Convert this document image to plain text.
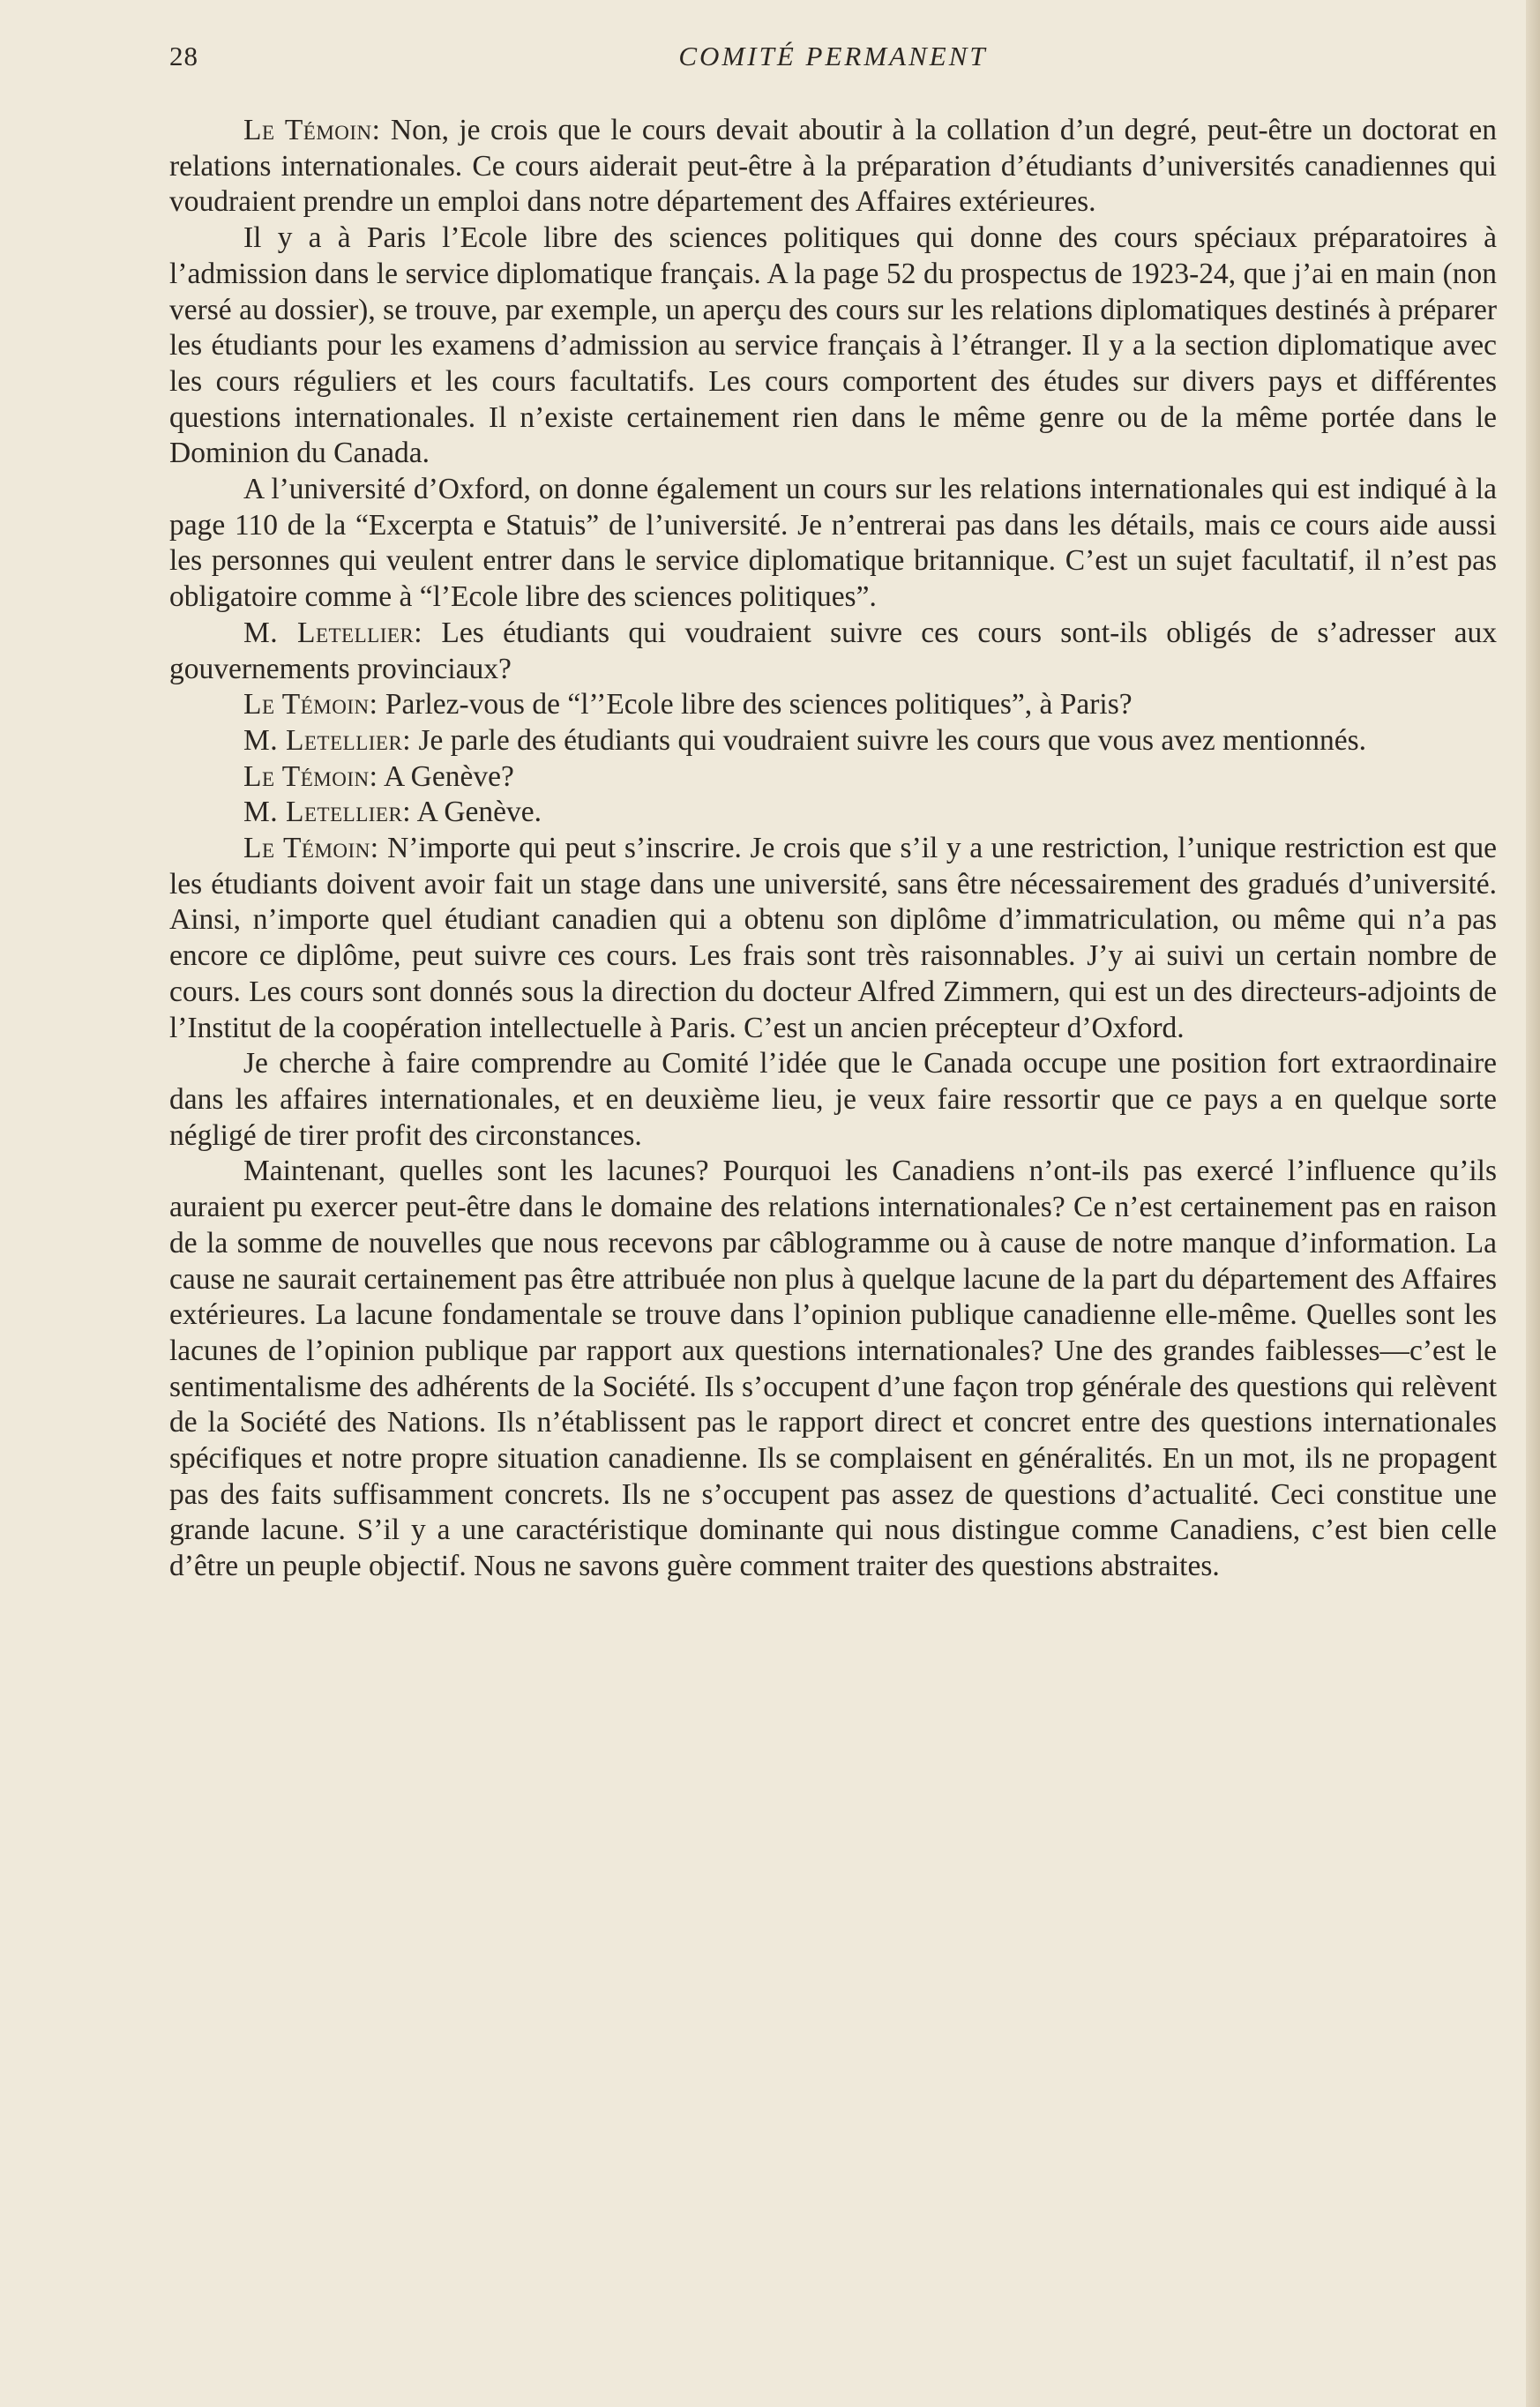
28	COMITÉ PERMANENT

Le Témoin: Non, je crois que le cours devait aboutir à la collation d’un degré, peut-être un doctorat en relations internationales. Ce cours aiderait peut-être à la préparation d’étudiants d’universités canadiennes qui voudraient prendre un emploi dans notre département des Affaires extérieures.

Il y a à Paris l’Ecole libre des sciences politiques qui donne des cours spéciaux préparatoires à l’admission dans le service diplomatique français. A la page 52 du prospectus de 1923-24, que j’ai en main (non versé au dossier), se trouve, par exemple, un aperçu des cours sur les relations diplomatiques destinés à préparer les étudiants pour les examens d’admission au service français à l’étranger. Il y a la section diplomatique avec les cours réguliers et les cours facultatifs. Les cours comportent des études sur divers pays et différentes questions internationales. Il n’existe certainement rien dans le même genre ou de la même portée dans le Dominion du Canada.

A l’université d’Oxford, on donne également un cours sur les relations internationales qui est indiqué à la page 110 de la “Excerpta e Statuis” de l’université. Je n’entrerai pas dans les détails, mais ce cours aide aussi les personnes qui veulent entrer dans le service diplomatique britannique. C’est un sujet facultatif, il n’est pas obligatoire comme à “l’Ecole libre des sciences politiques”.

M. Letellier: Les étudiants qui voudraient suivre ces cours sont-ils obligés de s’adresser aux gouvernements provinciaux?

Le Témoin: Parlez-vous de “l’’Ecole libre des sciences politiques”, à Paris?

M. Letellier: Je parle des étudiants qui voudraient suivre les cours que vous avez mentionnés.

Le Témoin: A Genève?

M. Letellier: A Genève.

Le Témoin: N’importe qui peut s’inscrire. Je crois que s’il y a une restriction, l’unique restriction est que les étudiants doivent avoir fait un stage dans une université, sans être nécessairement des gradués d’université. Ainsi, n’importe quel étudiant canadien qui a obtenu son diplôme d’immatriculation, ou même qui n’a pas encore ce diplôme, peut suivre ces cours. Les frais sont très raisonnables. J’y ai suivi un certain nombre de cours. Les cours sont donnés sous la direction du docteur Alfred Zimmern, qui est un des directeurs-adjoints de l’Institut de la coopération intellectuelle à Paris. C’est un ancien précepteur d’Oxford.

Je cherche à faire comprendre au Comité l’idée que le Canada occupe une position fort extraordinaire dans les affaires internationales, et en deuxième lieu, je veux faire ressortir que ce pays a en quelque sorte négligé de tirer profit des circonstances.

Maintenant, quelles sont les lacunes? Pourquoi les Canadiens n’ont-ils pas exercé l’influence qu’ils auraient pu exercer peut-être dans le domaine des relations internationales? Ce n’est certainement pas en raison de la somme de nouvelles que nous recevons par câblogramme ou à cause de notre manque d’information. La cause ne saurait certainement pas être attribuée non plus à quelque lacune de la part du département des Affaires extérieures. La lacune fondamentale se trouve dans l’opinion publique canadienne elle-même. Quelles sont les lacunes de l’opinion publique par rapport aux questions internationales? Une des grandes faiblesses—c’est le sentimentalisme des adhérents de la Société. Ils s’occupent d’une façon trop générale des questions qui relèvent de la Société des Nations. Ils n’établissent pas le rapport direct et concret entre des questions internationales spécifiques et notre propre situation canadienne. Ils se complaisent en généralités. En un mot, ils ne propagent pas des faits suffisamment concrets. Ils ne s’occupent pas assez de questions d’actualité. Ceci constitue une grande lacune. S’il y a une caractéristique dominante qui nous distingue comme Canadiens, c’est bien celle d’être un peuple objectif. Nous ne savons guère comment traiter des questions abstraites.
